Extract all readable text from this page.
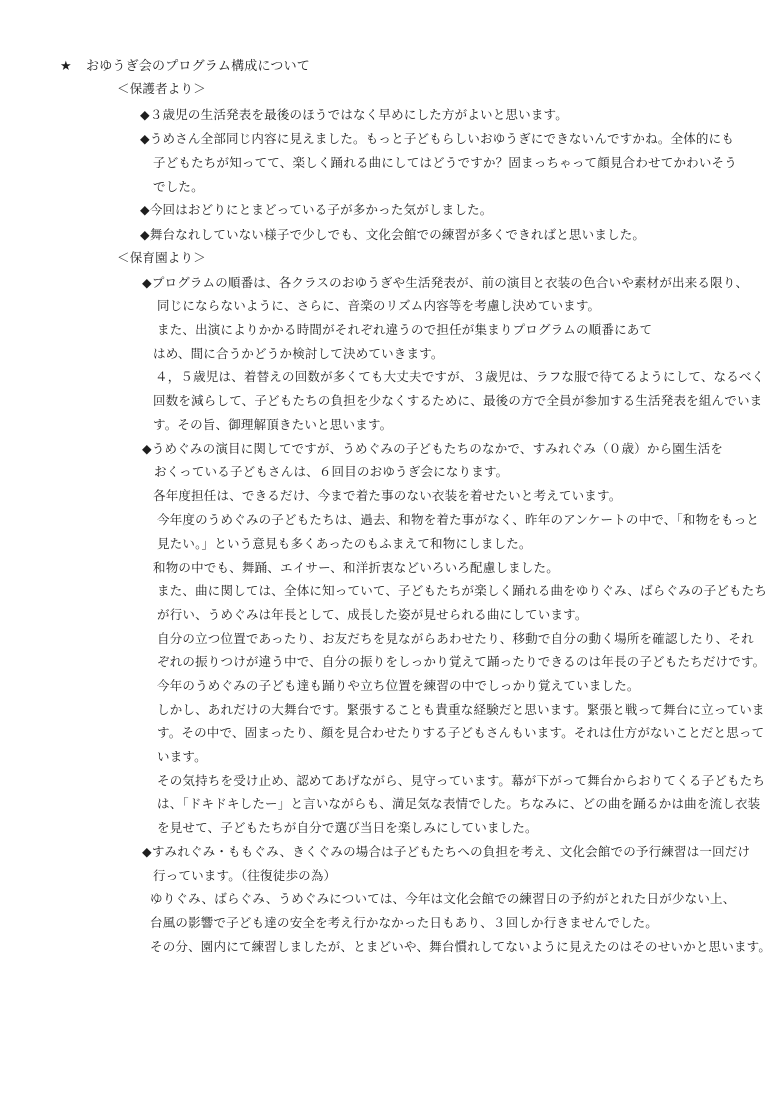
★ おゆうぎ会のプログラム構成について
＜保護者より＞
◆３歳児の生活発表を最後のほうではなく早めにした方がよいと思います。
◆うめさん全部同じ内容に見えました。もっと子どもらしいおゆうぎにできないんですかね。全体的にも
子どもたちが知ってて、楽しく踊れる曲にしてはどうですか？固まっちゃって顔見合わせてかわいそう
でした。
◆今回はおどりにとまどっている子が多かった気がしました。
◆舞台なれしていない様子で少しでも、文化会館での練習が多くできればと思いました。
＜保育園より＞
◆プログラムの順番は、各クラスのおゆうぎや生活発表が、前の演目と衣装の色合いや素材が出来る限り、
同じにならないように、さらに、音楽のリズム内容等を考慮し決めています。
また、出演によりかかる時間がそれぞれ違うので担任が集まりプログラムの順番にあて
はめ、間に合うかどうか検討して決めていきます。
４，５歳児は、着替えの回数が多くても大丈夫ですが、３歳児は、ラフな服で待てるようにして、なるべく
回数を減らして、子どもたちの負担を少なくするために、最後の方で全員が参加する生活発表を組んでいま
す。その旨、御理解頂きたいと思います。
◆うめぐみの演目に関してですが、うめぐみの子どもたちのなかで、すみれぐみ（０歳）から園生活を
おくっている子どもさんは、６回目のおゆうぎ会になります。
各年度担任は、できるだけ、今まで着た事のない衣装を着せたいと考えています。
今年度のうめぐみの子どもたちは、過去、和物を着た事がなく、昨年のアンケートの中で、「和物をもっと
見たい。」という意見も多くあったのもふまえて和物にしました。
和物の中でも、舞踊、エイサー、和洋折衷などいろいろ配慮しました。
また、曲に関しては、全体に知っていて、子どもたちが楽しく踊れる曲をゆりぐみ、ばらぐみの子どもたち
が行い、うめぐみは年長として、成長した姿が見せられる曲にしています。
自分の立つ位置であったり、お友だちを見ながらあわせたり、移動で自分の動く場所を確認したり、それ
ぞれの振りつけが違う中で、自分の振りをしっかり覚えて踊ったりできるのは年長の子どもたちだけです。
今年のうめぐみの子ども達も踊りや立ち位置を練習の中でしっかり覚えていました。
しかし、あれだけの大舞台です。緊張することも貴重な経験だと思います。緊張と戦って舞台に立っていま
す。その中で、固まったり、顔を見合わせたりする子どもさんもいます。それは仕方がないことだと思って
います。
その気持ちを受け止め、認めてあげながら、見守っています。幕が下がって舞台からおりてくる子どもたち
は、「ドキドキしたー」と言いながらも、満足気な表情でした。ちなみに、どの曲を踊るかは曲を流し衣装
を見せて、子どもたちが自分で選び当日を楽しみにしていました。
◆すみれぐみ・ももぐみ、きくぐみの場合は子どもたちへの負担を考え、文化会館での予行練習は一回だけ
行っています。（往復徒歩の為）
ゆりぐみ、ばらぐみ、うめぐみについては、今年は文化会館での練習日の予約がとれた日が少ない上、
台風の影響で子ども達の安全を考え行かなかった日もあり、３回しか行きませんでした。
その分、園内にて練習しましたが、とまどいや、舞台慣れしてないように見えたのはそのせいかと思います。
